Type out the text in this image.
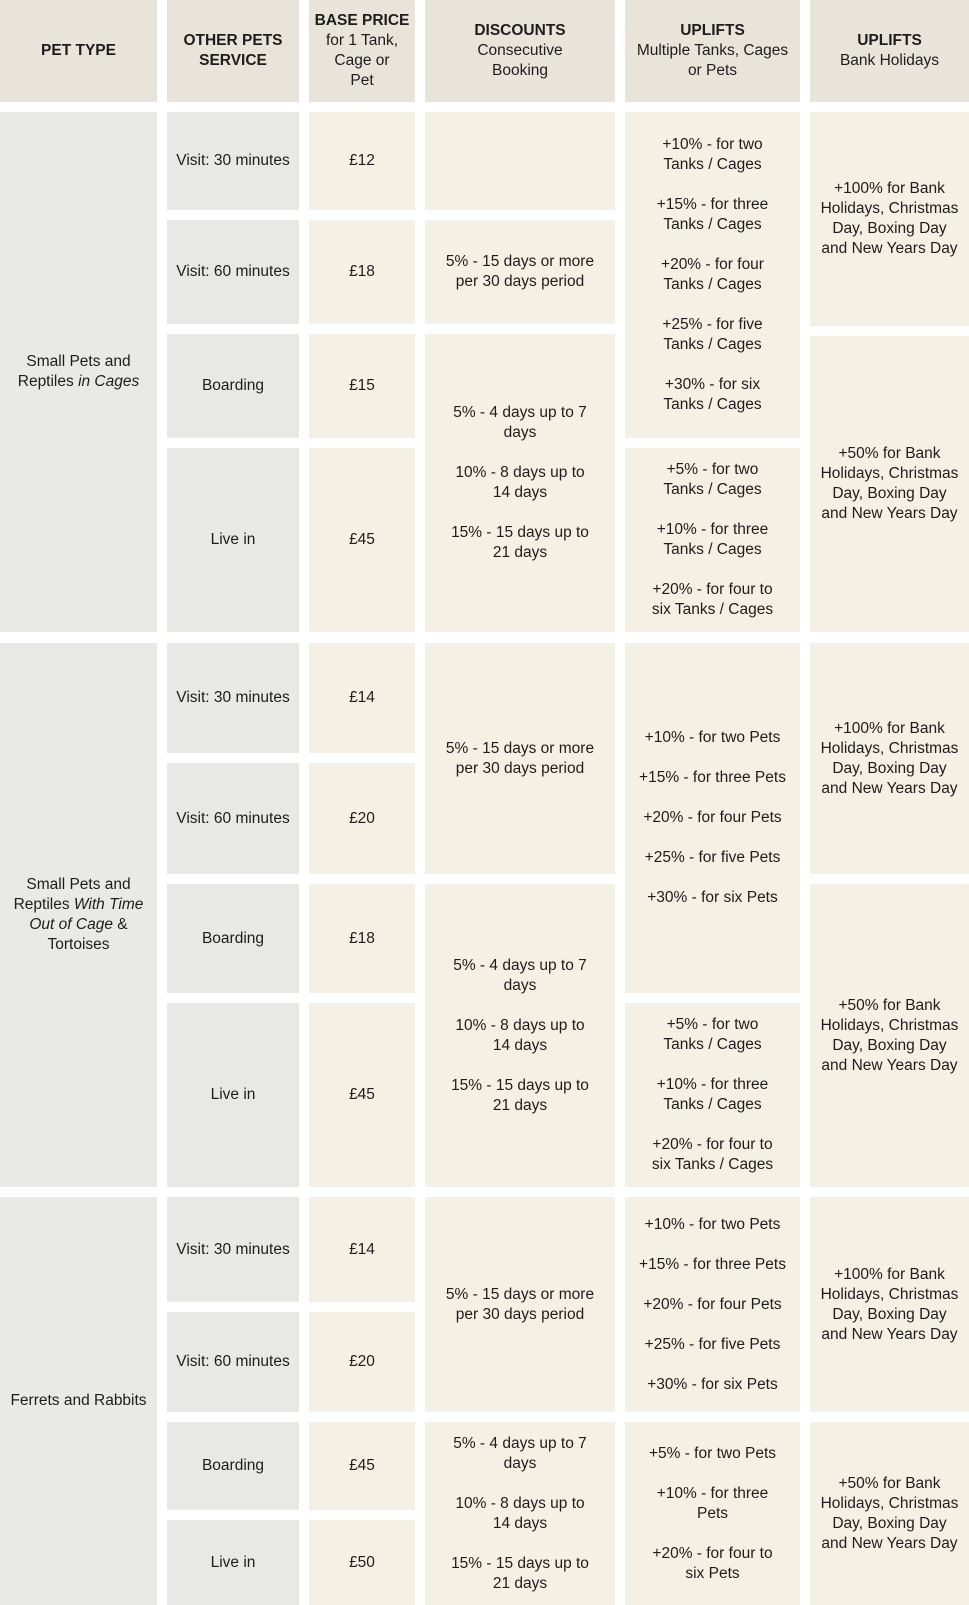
PET TYPE
OTHER PETS
SERVICE
BASE PRICE
for 1 Tank,
Cage or
Pet
DISCOUNTS
Consecutive
Booking
UPLIFTS
Multiple Tanks, Cages
or Pets
UPLIFTS
Bank Holidays
Small Pets and Reptiles in Cages
Visit: 30 minutes
Visit: 60 minutes
Boarding
Live in
£12
£18
£15
£45
5% - 15 days or more
per 30 days period
5% - 4 days up to 7 days
10% - 8 days up to 14 days
15% - 15 days up to 21 days
+10% - for two Tanks / Cages
+15% - for three Tanks / Cages
+20% - for four Tanks / Cages
+25% - for five Tanks / Cages
+30% - for six Tanks / Cages
+5% - for two Tanks / Cages
+10% - for three Tanks / Cages
+20% - for four to six Tanks / Cages
+100% for Bank Holidays, Christmas Day, Boxing Day and New Years Day
+50% for Bank Holidays, Christmas Day, Boxing Day and New Years Day
Small Pets and Reptiles With Time Out of Cage & Tortoises
Visit: 30 minutes
Visit: 60 minutes
Boarding
Live in
£14
£20
£18
£45
5% - 15 days or more
per 30 days period
5% - 4 days up to 7 days
10% - 8 days up to 14 days
15% - 15 days up to 21 days
+10% - for two Pets
+15% - for three Pets
+20% - for four Pets
+25% - for five Pets
+30% - for six Pets
+5% - for two Tanks / Cages
+10% - for three Tanks / Cages
+20% - for four to six Tanks / Cages
+100% for Bank Holidays, Christmas Day, Boxing Day and New Years Day
+50% for Bank Holidays, Christmas Day, Boxing Day and New Years Day
Ferrets and Rabbits
Visit: 30 minutes
Visit: 60 minutes
Boarding
Live in
£14
£20
£45
£50
5% - 15 days or more
per 30 days period
5% - 4 days up to 7 days
10% - 8 days up to 14 days
15% - 15 days up to 21 days
+10% - for two Pets
+15% - for three Pets
+20% - for four Pets
+25% - for five Pets
+30% - for six Pets
+5% - for two Pets
+10% - for three Pets
+20% - for four to six Pets
+100% for Bank Holidays, Christmas Day, Boxing Day and New Years Day
+50% for Bank Holidays, Christmas Day, Boxing Day and New Years Day
